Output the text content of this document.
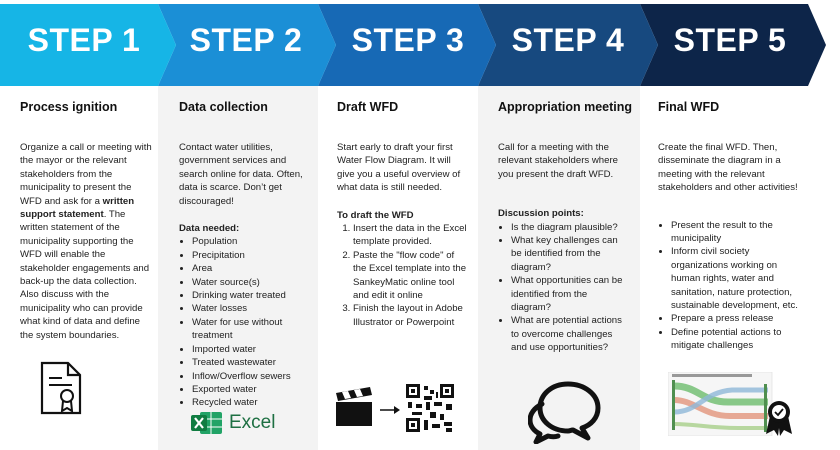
STEP 1	STEP 2	STEP 3	STEP 4	STEP 5
Process ignition

Organize a call or meeting with the mayor or the relevant stakeholders from the municipality to present the WFD and ask for a written support statement. The written statement of the municipality supporting the WFD will enable the stakeholder engagements and back-up the data collection. Also discuss with the municipality who can provide what kind of data and define the system boundaries.

Data collection

Contact water utilities, government services and search online for data. Often, data is scarce. Don’t get discouraged!

Data needed:

• Population
• Precipitation
• Area
• Water source(s)
• Drinking water treated
• Water losses
• Water for use without treatment
• Imported water
• Treated wastewater
• Inflow/Overflow sewers
• Exported water
• Recycled water
Excel
Draft WFD

Start early to draft your first Water Flow Diagram. It will give you a useful overview of what data is still needed.

To draft the WFD

1. Insert the data in the Excel template provided.
2. Paste the "flow code" of the Excel template into the SankeyMatic online tool and edit it online
3. Finish the layout in Adobe Illustrator or Powerpoint
Appropriation meeting

Call for a meeting with the relevant stakeholders where you present the draft WFD.

Discussion points:

• Is the diagram plausible?
• What key challenges can be identified from the diagram?
• What opportunities can be identified from the diagram?
• What are potential actions to overcome challenges and use opportunities?
Final WFD

Create the final WFD. Then, disseminate the diagram in a meeting with the relevant stakeholders and other activities!

• Present the result to the municipality
• Inform civil society organizations working on human rights, water and sanitation, nature protection, sustainable development, etc.
• Prepare a press release
• Define potential actions to mitigate challenges
